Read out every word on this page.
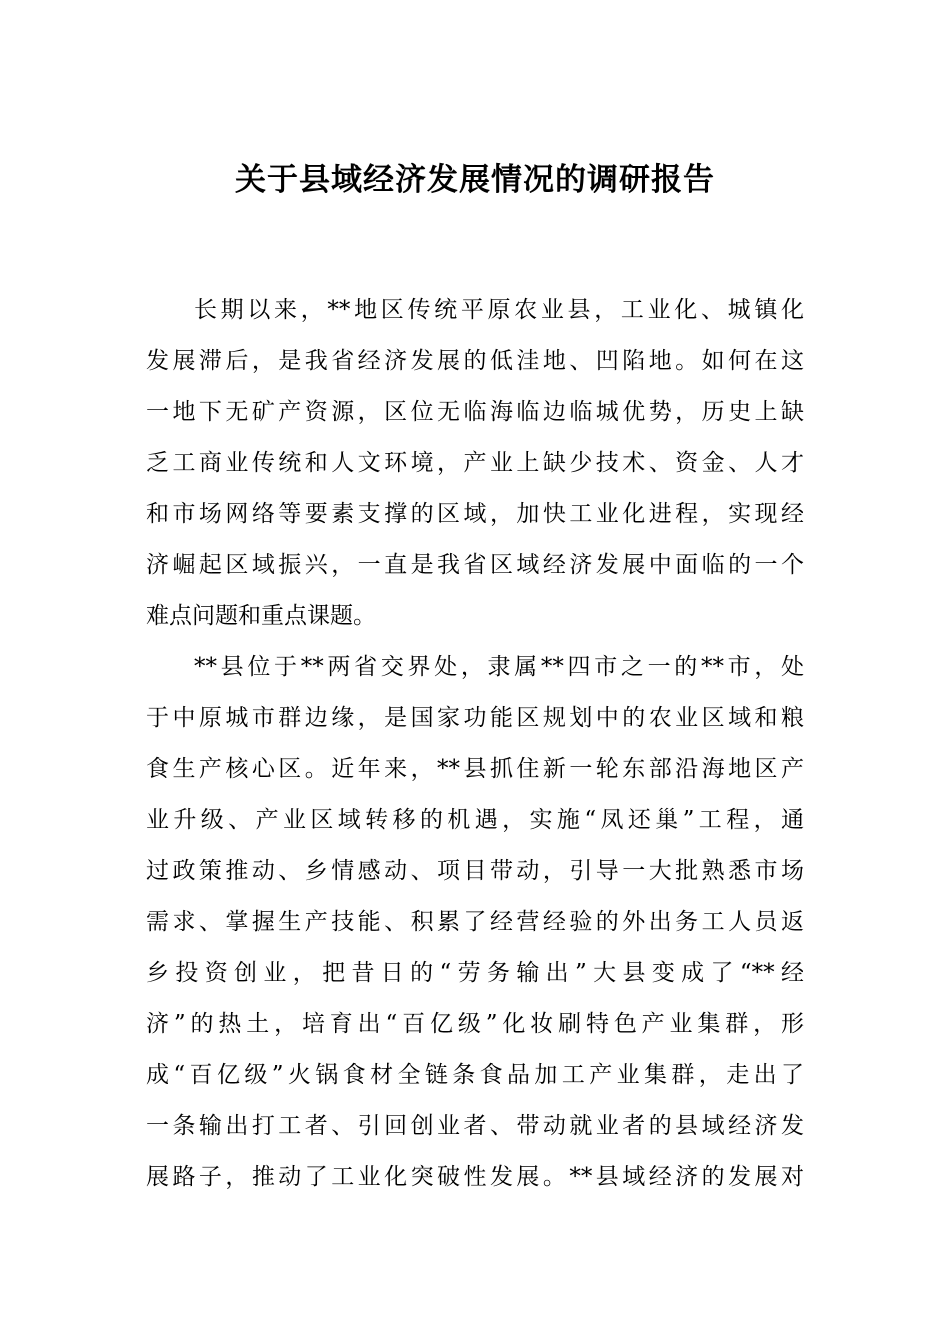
关于县域经济发展情况的调研报告
长期以来，**地区传统平原农业县，工业化、城镇化
发展滞后，是我省经济发展的低洼地、凹陷地。如何在这
一地下无矿产资源，区位无临海临边临城优势，历史上缺
乏工商业传统和人文环境，产业上缺少技术、资金、人才
和市场网络等要素支撑的区域，加快工业化进程，实现经
济崛起区域振兴，一直是我省区域经济发展中面临的一个
难点问题和重点课题。
**县位于**两省交界处，隶属**四市之一的**市，处
于中原城市群边缘，是国家功能区规划中的农业区域和粮
食生产核心区。近年来，**县抓住新一轮东部沿海地区产
业升级、产业区域转移的机遇，实施“凤还巢”工程，通
过政策推动、乡情感动、项目带动，引导一大批熟悉市场
需求、掌握生产技能、积累了经营经验的外出务工人员返
乡投资创业，把昔日的“劳务输出”大县变成了“**经
济”的热土，培育出“百亿级”化妆刷特色产业集群，形
成“百亿级”火锅食材全链条食品加工产业集群，走出了
一条输出打工者、引回创业者、带动就业者的县域经济发
展路子，推动了工业化突破性发展。**县域经济的发展对
